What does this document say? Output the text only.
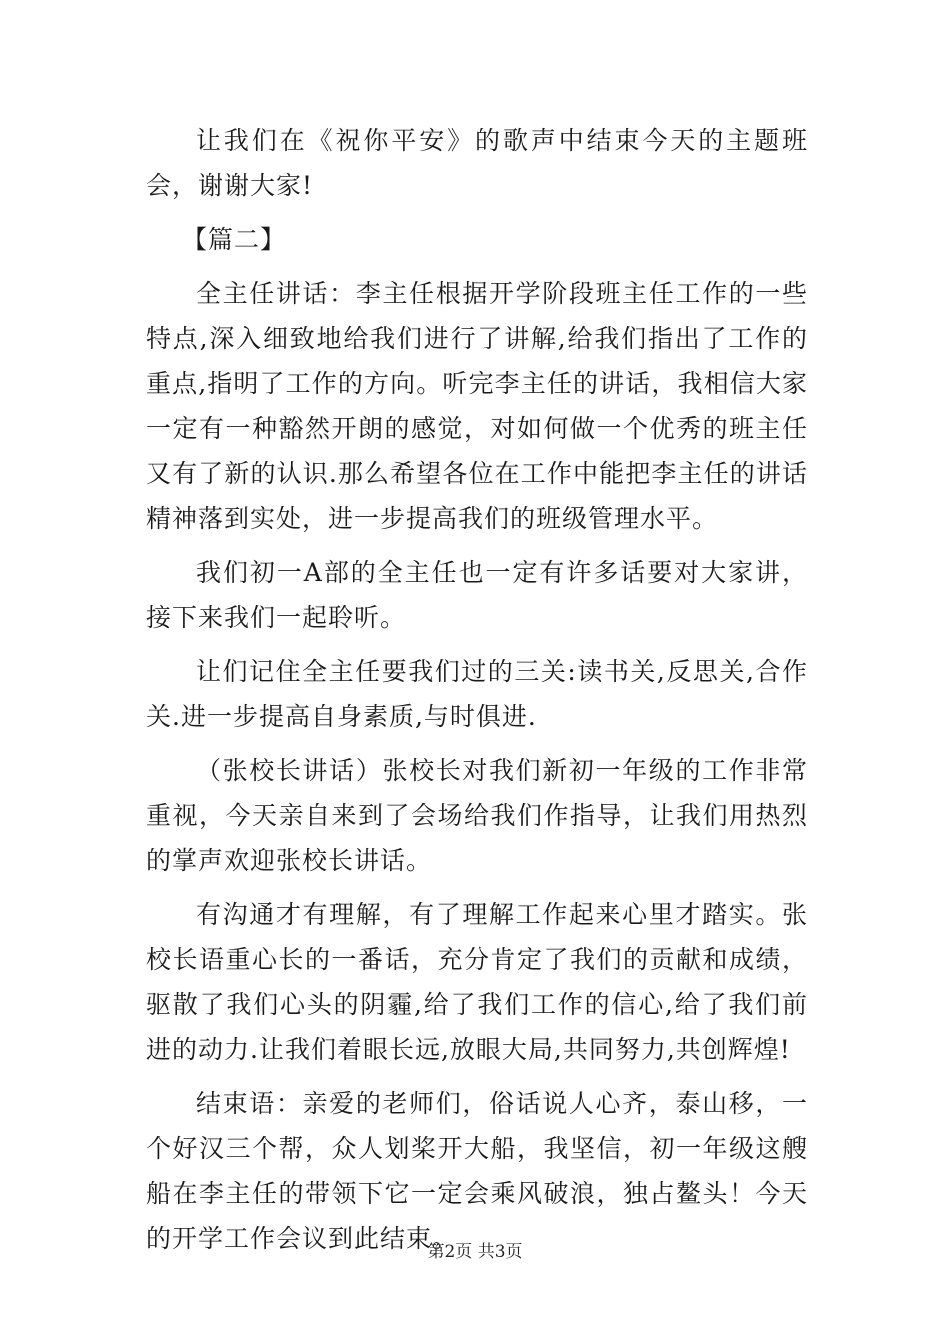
让我们在《祝你平安》的歌声中结束今天的主题班会，谢谢大家!

【篇二】

全主任讲话：李主任根据开学阶段班主任工作的一些特点,深入细致地给我们进行了讲解,给我们指出了工作的重点,指明了工作的方向。听完李主任的讲话，我相信大家一定有一种豁然开朗的感觉，对如何做一个优秀的班主任又有了新的认识.那么希望各位在工作中能把李主任的讲话精神落到实处，进一步提高我们的班级管理水平。

我们初一A部的全主任也一定有许多话要对大家讲，接下来我们一起聆听。

让们记住全主任要我们过的三关:读书关,反思关,合作关.进一步提高自身素质,与时俱进.

（张校长讲话）张校长对我们新初一年级的工作非常重视，今天亲自来到了会场给我们作指导，让我们用热烈的掌声欢迎张校长讲话。

有沟通才有理解，有了理解工作起来心里才踏实。张校长语重心长的一番话，充分肯定了我们的贡献和成绩，驱散了我们心头的阴霾,给了我们工作的信心,给了我们前进的动力.让我们着眼长远,放眼大局,共同努力,共创辉煌!

结束语：亲爱的老师们，俗话说人心齐，泰山移，一个好汉三个帮，众人划桨开大船，我坚信，初一年级这艘船在李主任的带领下它一定会乘风破浪，独占鳌头！今天的开学工作会议到此结束。

第2页 共3页
